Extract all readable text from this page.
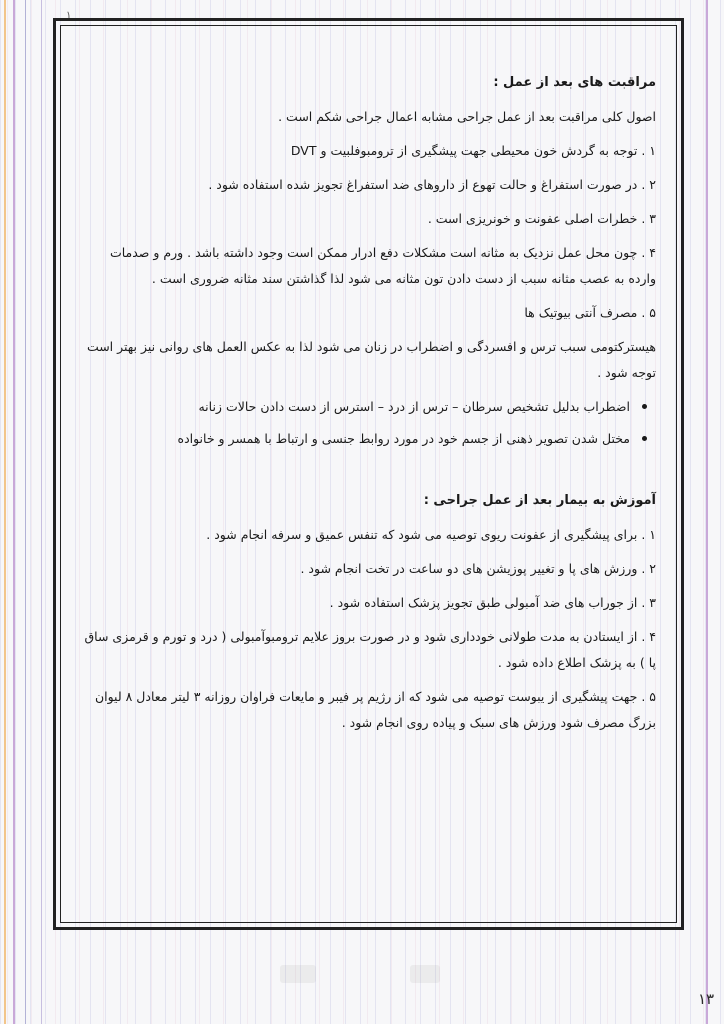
۱

مراقبت های بعد از عمل :

اصول کلی مراقبت بعد از عمل جراحی مشابه اعمال جراحی شکم است .

۱ . توجه به گردش خون محیطی جهت پیشگیری از ترومبوفلبیت و DVT

۲ . در صورت استفراغ و حالت تهوع از داروهای ضد استفراغ تجویز شده استفاده شود .

۳ . خطرات اصلی عفونت و خونریزی است .

۴ . چون محل عمل نزدیک به مثانه است مشکلات دفع ادرار ممکن است وجود داشته باشد . ورم و صدمات وارده به عصب مثانه سبب از دست دادن تون مثانه می شود لذا گذاشتن سند مثانه ضروری است .

۵ . مصرف آنتی بیوتیک ها

هیسترکتومی سبب ترس و افسردگی و اضطراب در زنان می شود لذا به عکس العمل های روانی نیز بهتر است توجه شود .

اضطراب بدلیل تشخیص سرطان – ترس از درد – استرس از دست دادن حالات زنانه
مختل شدن تصویر ذهنی از جسم خود در مورد روابط جنسی و ارتباط با همسر و خانواده

آموزش به بیمار بعد از عمل جراحی :

۱ . برای پیشگیری از عفونت ریوی توصیه می شود که تنفس عمیق و سرفه انجام شود .

۲ . ورزش های پا و تغییر پوزیشن های دو ساعت در تخت انجام شود .

۳ . از جوراب های ضد آمبولی طبق تجویز پزشک استفاده شود .

۴ . از ایستادن به مدت طولانی خودداری شود و در صورت بروز علایم ترومبوآمبولی ( درد و تورم و قرمزی ساق پا ) به پزشک اطلاع داده شود .

۵ . جهت پیشگیری از یبوست توصیه می شود که از رژیم پر فیبر و مایعات فراوان روزانه ۳ لیتر معادل ۸ لیوان بزرگ مصرف شود ورزش های سبک و پیاده روی انجام شود .

۱۳
